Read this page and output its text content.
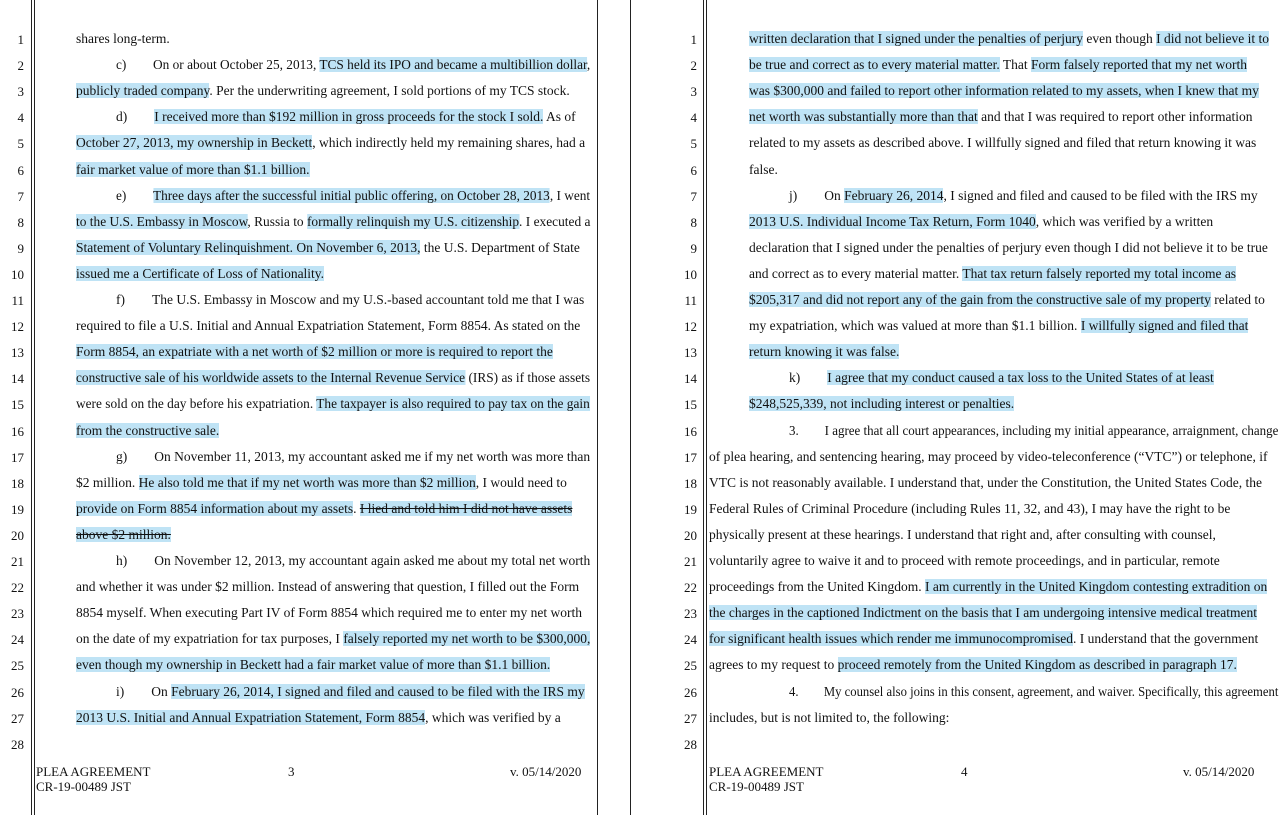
1	shares long-term.
2	c)  On or about October 25, 2013, TCS held its IPO and became a multibillion dollar,
3	publicly traded company. Per the underwriting agreement, I sold portions of my TCS stock.
4	d)  I received more than $192 million in gross proceeds for the stock I sold. As of
5	October 27, 2013, my ownership in Beckett, which indirectly held my remaining shares, had a
6	fair market value of more than $1.1 billion.
7	e)  Three days after the successful initial public offering, on October 28, 2013, I went
8	to the U.S. Embassy in Moscow, Russia to formally relinquish my U.S. citizenship. I executed a
9	Statement of Voluntary Relinquishment. On November 6, 2013, the U.S. Department of State
10	issued me a Certificate of Loss of Nationality.
11	f)  The U.S. Embassy in Moscow and my U.S.-based accountant told me that I was
12	required to file a U.S. Initial and Annual Expatriation Statement, Form 8854. As stated on the
13	Form 8854, an expatriate with a net worth of $2 million or more is required to report the
14	constructive sale of his worldwide assets to the Internal Revenue Service (IRS) as if those assets
15	were sold on the day before his expatriation. The taxpayer is also required to pay tax on the gain
16	from the constructive sale.
17	g)  On November 11, 2013, my accountant asked me if my net worth was more than
18	$2 million. He also told me that if my net worth was more than $2 million, I would need to
19	provide on Form 8854 information about my assets. I lied and told him I did not have assets
20	above $2 million.
21	h)  On November 12, 2013, my accountant again asked me about my total net worth
22	and whether it was under $2 million. Instead of answering that question, I filled out the Form
23	8854 myself. When executing Part IV of Form 8854 which required me to enter my net worth
24	on the date of my expatriation for tax purposes, I falsely reported my net worth to be $300,000,
25	even though my ownership in Beckett had a fair market value of more than $1.1 billion.
26	i)  On February 26, 2014, I signed and filed and caused to be filed with the IRS my
27	2013 U.S. Initial and Annual Expatriation Statement, Form 8854, which was verified by a
28
PLEA AGREEMENT
CR-19-00489 JST
3	v. 05/14/2020
1	written declaration that I signed under the penalties of perjury even though I did not believe it to
2	be true and correct as to every material matter. That Form falsely reported that my net worth
3	was $300,000 and failed to report other information related to my assets, when I knew that my
4	net worth was substantially more than that and that I was required to report other information
5	related to my assets as described above. I willfully signed and filed that return knowing it was
6	false.
7	j)  On February 26, 2014, I signed and filed and caused to be filed with the IRS my
8	2013 U.S. Individual Income Tax Return, Form 1040, which was verified by a written
9	declaration that I signed under the penalties of perjury even though I did not believe it to be true
10	and correct as to every material matter. That tax return falsely reported my total income as
11	$205,317 and did not report any of the gain from the constructive sale of my property related to
12	my expatriation, which was valued at more than $1.1 billion. I willfully signed and filed that
13	return knowing it was false.
14	k)  I agree that my conduct caused a tax loss to the United States of at least
15	$248,525,339, not including interest or penalties.
16	3.  I agree that all court appearances, including my initial appearance, arraignment, change
17 of plea hearing, and sentencing hearing, may proceed by video-teleconference (“VTC”) or telephone, if
18 VTC is not reasonably available. I understand that, under the Constitution, the United States Code, the
19 Federal Rules of Criminal Procedure (including Rules 11, 32, and 43), I may have the right to be
20 physically present at these hearings. I understand that right and, after consulting with counsel,
21 voluntarily agree to waive it and to proceed with remote proceedings, and in particular, remote
22 proceedings from the United Kingdom. I am currently in the United Kingdom contesting extradition on
23 the charges in the captioned Indictment on the basis that I am undergoing intensive medical treatment
24 for significant health issues which render me immunocompromised. I understand that the government
25 agrees to my request to proceed remotely from the United Kingdom as described in paragraph 17.
26	4.  My counsel also joins in this consent, agreement, and waiver. Specifically, this agreement
27 includes, but is not limited to, the following:
28
PLEA AGREEMENT
CR-19-00489 JST
4	v. 05/14/2020
